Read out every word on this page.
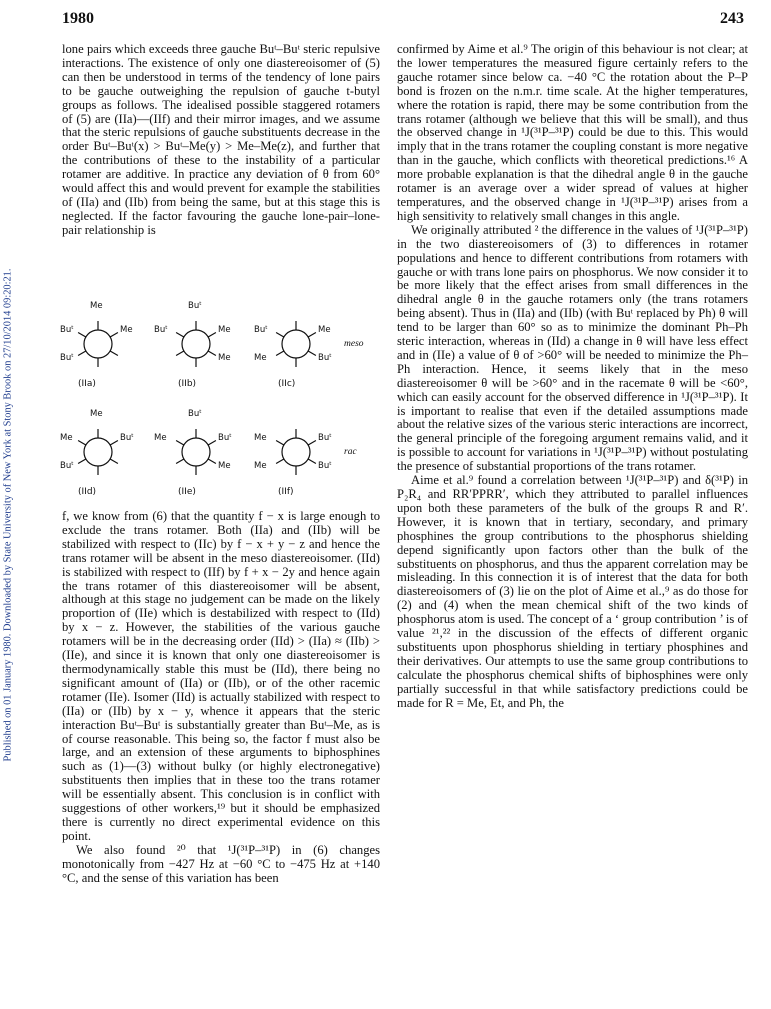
1980	243
Published on 01 January 1980. Downloaded by State University of New York at Stony Brook on 27/10/2014 09:20:21.

lone pairs which exceeds three gauche Buᵗ–Buᵗ steric repulsive interactions. The existence of only one diastereoisomer of (5) can then be understood in terms of the tendency of lone pairs to be gauche outweighing the repulsion of gauche t-butyl groups as follows. The idealised possible staggered rotamers of (5) are (IIa)—(IIf) and their mirror images, and we assume that the steric repulsions of gauche substituents decrease in the order Buᵗ–Buᵗ(x) > Buᵗ–Me(y) > Me–Me(z), and further that the contributions of these to the instability of a particular rotamer are additive. In practice any deviation of θ from 60° would affect this and would prevent for example the stabilities of (IIa) and (IIb) from being the same, but at this stage this is neglected. If the factor favouring the gauche lone-pair–lone-pair relationship is

meso
rac
Me
Buᵗ	Me
Buᵗ
(IIa)
Buᵗ
Buᵗ	Me
Me
(IIb)
Buᵗ	Me
Me	Buᵗ
(IIc)
Me
Me	Buᵗ
Buᵗ
(IId)
Buᵗ
Me	Buᵗ
Me
(IIe)
Me	Buᵗ
Me	Buᵗ
(IIf)

f, we know from (6) that the quantity f − x is large enough to exclude the trans rotamer. Both (IIa) and (IIb) will be stabilized with respect to (IIc) by f − x + y − z and hence the trans rotamer will be absent in the meso diastereoisomer. (IId) is stabilized with respect to (IIf) by f + x − 2y and hence again the trans rotamer of this diastereoisomer will be absent, although at this stage no judgement can be made on the likely proportion of (IIe) which is destabilized with respect to (IId) by x − z. However, the stabilities of the various gauche rotamers will be in the decreasing order (IId) > (IIa) ≈ (IIb) > (IIe), and since it is known that only one diastereoisomer is thermodynamically stable this must be (IId), there being no significant amount of (IIa) or (IIb), or of the other racemic rotamer (IIe). Isomer (IId) is actually stabilized with respect to (IIa) or (IIb) by x − y, whence it appears that the steric interaction Buᵗ–Buᵗ is substantially greater than Buᵗ–Me, as is of course reasonable. This being so, the factor f must also be large, and an extension of these arguments to biphosphines such as (1)—(3) without bulky (or highly electronegative) substituents then implies that in these too the trans rotamer will be essentially absent. This conclusion is in conflict with suggestions of other workers,¹⁹ but it should be emphasized there is currently no direct experimental evidence on this point.

We also found ²⁰ that ¹J(³¹P–³¹P) in (6) changes monotonically from −427 Hz at −60 °C to −475 Hz at +140 °C, and the sense of this variation has been

confirmed by Aime et al.⁹ The origin of this behaviour is not clear; at the lower temperatures the measured figure certainly refers to the gauche rotamer since below ca. −40 °C the rotation about the P–P bond is frozen on the n.m.r. time scale. At the higher temperatures, where the rotation is rapid, there may be some contribution from the trans rotamer (although we believe that this will be small), and thus the observed change in ¹J(³¹P–³¹P) could be due to this. This would imply that in the trans rotamer the coupling constant is more negative than in the gauche, which conflicts with theoretical predictions.¹⁶ A more probable explanation is that the dihedral angle θ in the gauche rotamer is an average over a wider spread of values at higher temperatures, and the observed change in ¹J(³¹P–³¹P) arises from a high sensitivity to relatively small changes in this angle.

We originally attributed ² the difference in the values of ¹J(³¹P–³¹P) in the two diastereoisomers of (3) to differences in rotamer populations and hence to different contributions from rotamers with gauche or with trans lone pairs on phosphorus. We now consider it to be more likely that the effect arises from small differences in the dihedral angle θ in the gauche rotamers only (the trans rotamers being absent). Thus in (IIa) and (IIb) (with Buᵗ replaced by Ph) θ will tend to be larger than 60° so as to minimize the dominant Ph–Ph steric interaction, whereas in (IId) a change in θ will have less effect and in (IIe) a value of θ of >60° will be needed to minimize the Ph–Ph interaction. Hence, it seems likely that in the meso diastereoisomer θ will be >60° and in the racemate θ will be <60°, which can easily account for the observed difference in ¹J(³¹P–³¹P). It is important to realise that even if the detailed assumptions made about the relative sizes of the various steric interactions are incorrect, the general principle of the foregoing argument remains valid, and it is possible to account for variations in ¹J(³¹P–³¹P) without postulating the presence of substantial proportions of the trans rotamer.

Aime et al.⁹ found a correlation between ¹J(³¹P–³¹P) and δ(³¹P) in P₂R₄ and RR′PPRR′, which they attributed to parallel influences upon both these parameters of the bulk of the groups R and R′. However, it is known that in tertiary, secondary, and primary phosphines the group contributions to the phosphorus shielding depend significantly upon factors other than the bulk of the substituents on phosphorus, and thus the apparent correlation may be misleading. In this connection it is of interest that the data for both diastereoisomers of (3) lie on the plot of Aime et al.,⁹ as do those for (2) and (4) when the mean chemical shift of the two kinds of phosphorus atom is used. The concept of a ‘ group contribution ’ is of value ²¹,²² in the discussion of the effects of different organic substituents upon phosphorus shielding in tertiary phosphines and their derivatives. Our attempts to use the same group contributions to calculate the phosphorus chemical shifts of biphosphines were only partially successful in that while satisfactory predictions could be made for R = Me, Et, and Ph, the
